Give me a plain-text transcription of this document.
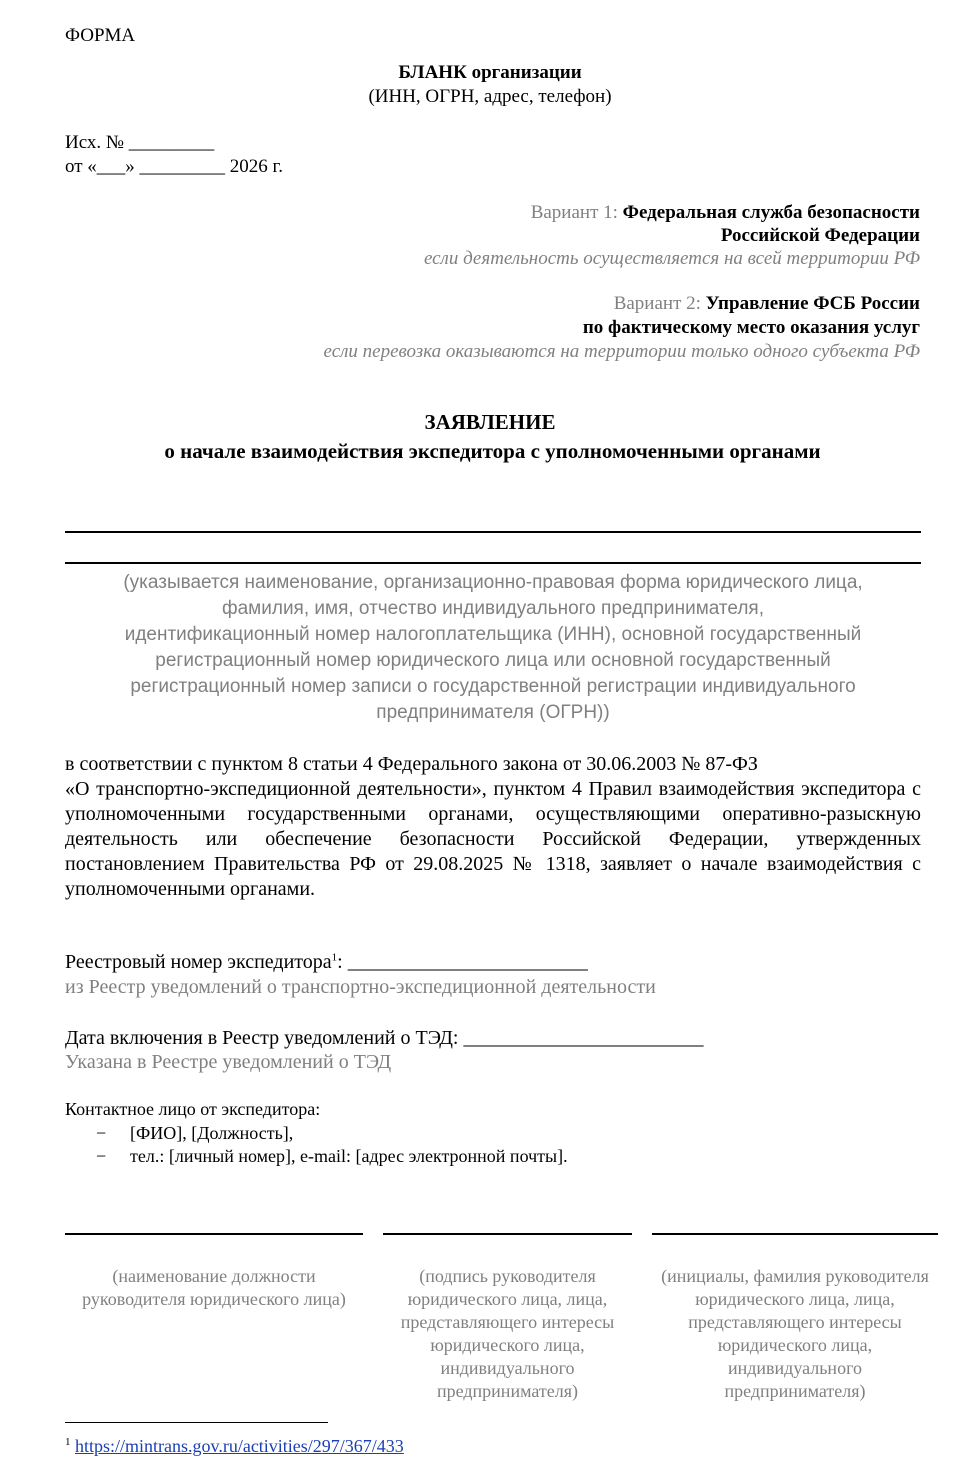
ФОРМА
БЛАНК организации
(ИНН, ОГРН, адрес, телефон)
Исх. № _________
от «___» _________ 2026 г.
Вариант 1: Федеральная служба безопасности
Российской Федерации
если деятельность осуществляется на всей территории РФ
Вариант 2: Управление ФСБ России
по фактическому место оказания услуг
если перевозка оказываются на территории только одного субъекта РФ
ЗАЯВЛЕНИЕ
о начале взаимодействия экспедитора с уполномоченными органами
(указывается наименование, организационно-правовая форма юридического лица,
фамилия, имя, отчество индивидуального предпринимателя,
идентификационный номер налогоплательщика (ИНН), основной государственный
регистрационный номер юридического лица или основной государственный
регистрационный номер записи о государственной регистрации индивидуального
предпринимателя (ОГРН))
в соответствии с пунктом 8 статьи 4 Федерального закона от 30.06.2003 № 87-ФЗ
«О транспортно-экспедиционной деятельности», пунктом 4 Правил взаимодействия экспедитора с уполномоченными государственными органами, осуществляющими оперативно-разыскную деятельность или обеспечение безопасности Российской Федерации, утвержденных постановлением Правительства РФ от 29.08.2025 № 1318, заявляет о начале взаимодействия с уполномоченными органами.
Реестровый номер экспедитора$^1$: ________________________
из Реестр уведомлений о транспортно-экспедиционной деятельности
Дата включения в Реестр уведомлений о ТЭД: ________________________
Указана в Реестре уведомлений о ТЭД
Контактное лицо от экспедитора:
− [ФИО], [Должность],
− тел.: [личный номер], e-mail: [адрес электронной почты].
(наименование должности руководителя юридического лица)
(подпись руководителя юридического лица, лица, представляющего интересы юридического лица, индивидуального предпринимателя)
(инициалы, фамилия руководителя юридического лица, лица, представляющего интересы юридического лица, индивидуального предпринимателя)
$^1$ https://mintrans.gov.ru/activities/297/367/433
